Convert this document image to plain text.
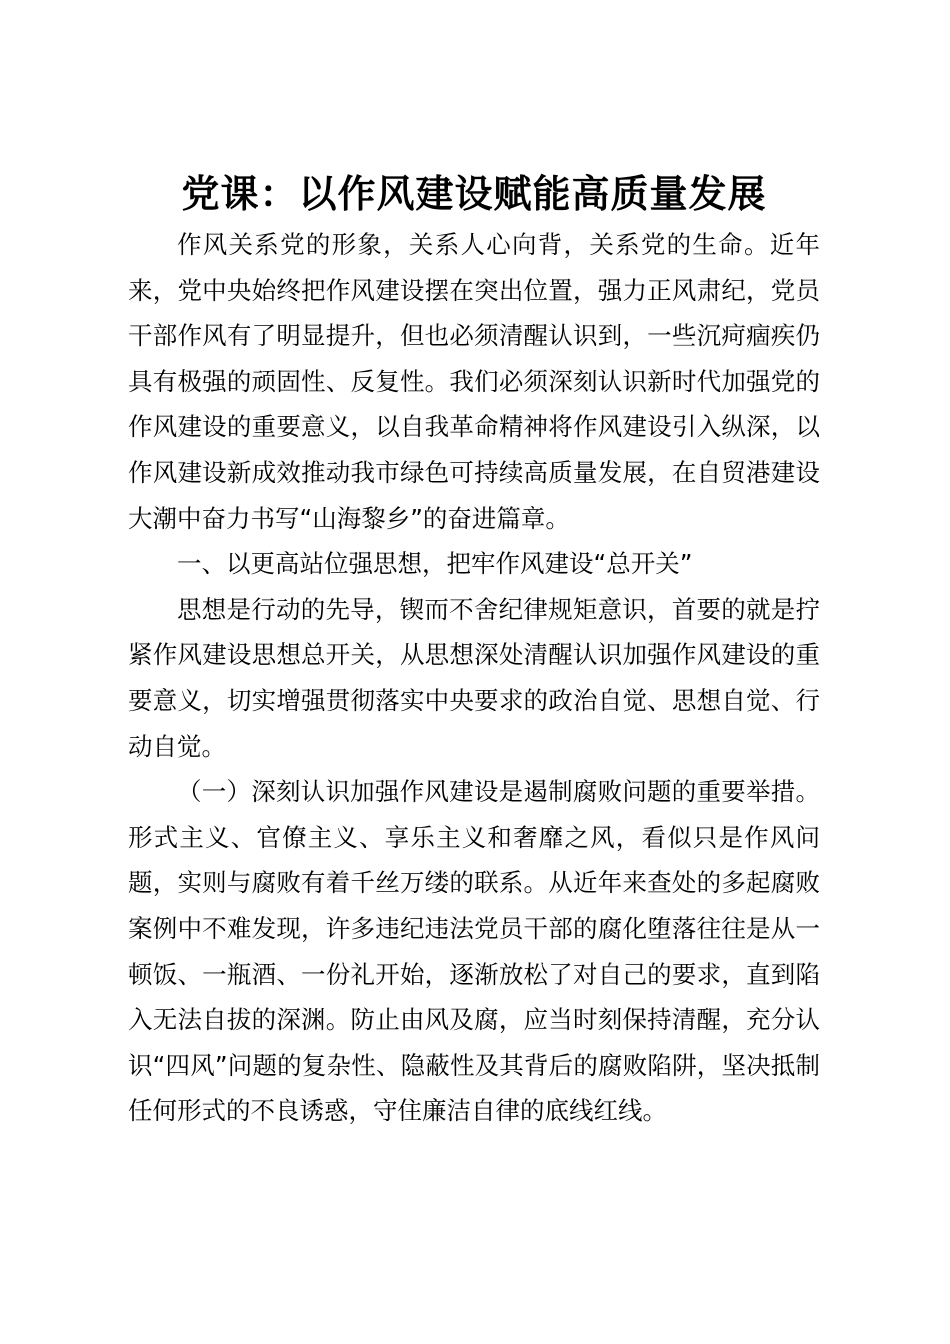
党课：以作风建设赋能高质量发展

作风关系党的形象，关系人心向背，关系党的生命。近年来，党中央始终把作风建设摆在突出位置，强力正风肃纪，党员干部作风有了明显提升，但也必须清醒认识到，一些沉疴痼疾仍具有极强的顽固性、反复性。我们必须深刻认识新时代加强党的作风建设的重要意义，以自我革命精神将作风建设引入纵深，以作风建设新成效推动我市绿色可持续高质量发展，在自贸港建设大潮中奋力书写“山海黎乡”的奋进篇章。

一、以更高站位强思想，把牢作风建设“总开关”

思想是行动的先导，锲而不舍纪律规矩意识，首要的就是拧紧作风建设思想总开关，从思想深处清醒认识加强作风建设的重要意义，切实增强贯彻落实中央要求的政治自觉、思想自觉、行动自觉。

（一）深刻认识加强作风建设是遏制腐败问题的重要举措。形式主义、官僚主义、享乐主义和奢靡之风，看似只是作风问题，实则与腐败有着千丝万缕的联系。从近年来查处的多起腐败案例中不难发现，许多违纪违法党员干部的腐化堕落往往是从一顿饭、一瓶酒、一份礼开始，逐渐放松了对自己的要求，直到陷入无法自拔的深渊。防止由风及腐，应当时刻保持清醒，充分认识“四风”问题的复杂性、隐蔽性及其背后的腐败陷阱，坚决抵制任何形式的不良诱惑，守住廉洁自律的底线红线。
